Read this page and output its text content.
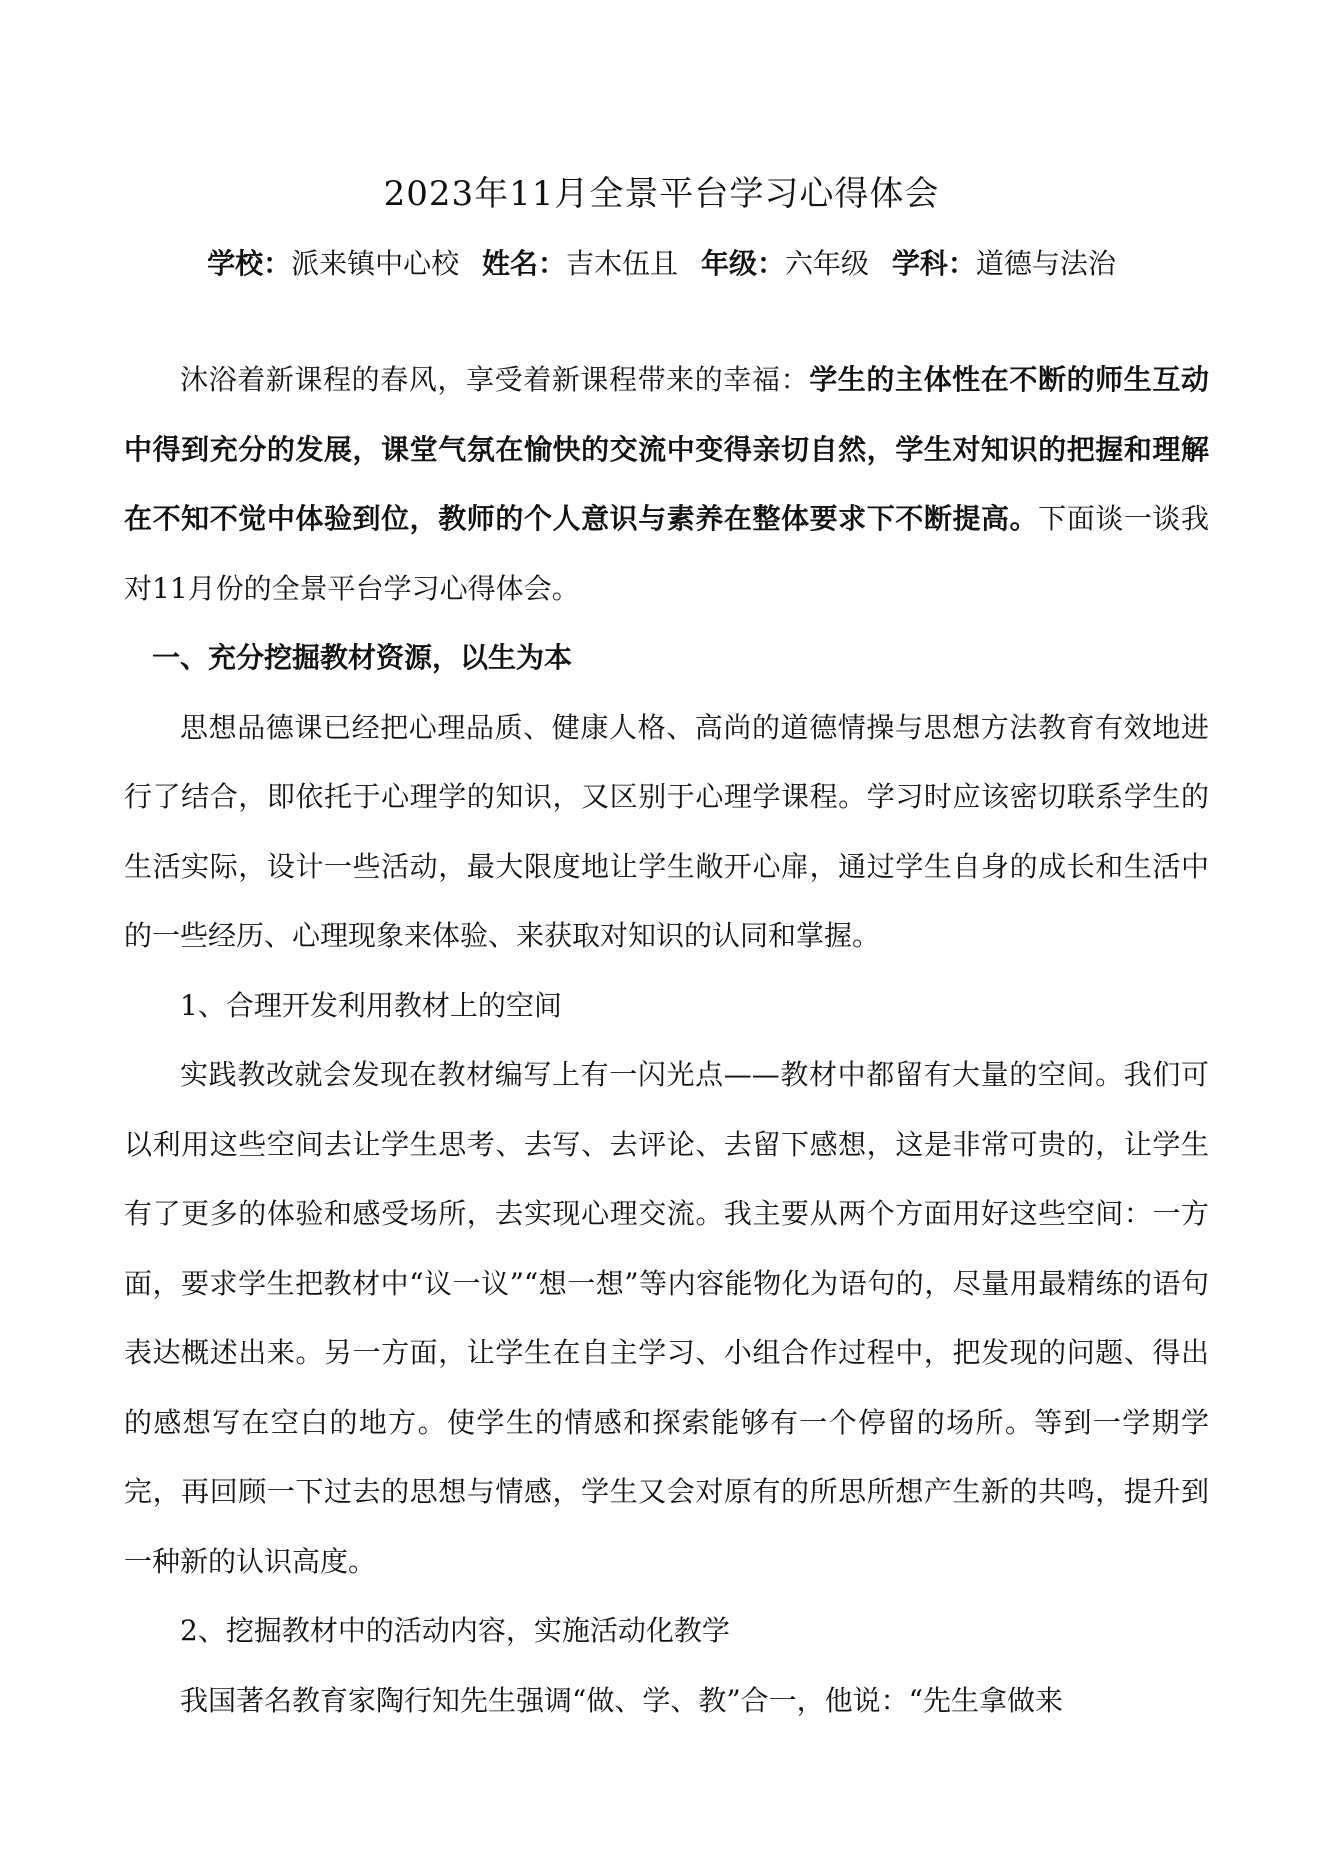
2023年11月全景平台学习心得体会
学校：派来镇中心校 姓名：吉木伍且 年级：六年级 学科：道德与法治

沐浴着新课程的春风，享受着新课程带来的幸福：学生的主体性在不断的师生互动中得到充分的发展，课堂气氛在愉快的交流中变得亲切自然，学生对知识的把握和理解在不知不觉中体验到位，教师的个人意识与素养在整体要求下不断提高。下面谈一谈我对11月份的全景平台学习心得体会。

一、充分挖掘教材资源，以生为本

思想品德课已经把心理品质、健康人格、高尚的道德情操与思想方法教育有效地进行了结合，即依托于心理学的知识，又区别于心理学课程。学习时应该密切联系学生的生活实际，设计一些活动，最大限度地让学生敞开心扉，通过学生自身的成长和生活中的一些经历、心理现象来体验、来获取对知识的认同和掌握。

1、合理开发利用教材上的空间

实践教改就会发现在教材编写上有一闪光点——教材中都留有大量的空间。我们可以利用这些空间去让学生思考、去写、去评论、去留下感想，这是非常可贵的，让学生有了更多的体验和感受场所，去实现心理交流。我主要从两个方面用好这些空间：一方面，要求学生把教材中“议一议”“想一想”等内容能物化为语句的，尽量用最精练的语句表达概述出来。另一方面，让学生在自主学习、小组合作过程中，把发现的问题、得出的感想写在空白的地方。使学生的情感和探索能够有一个停留的场所。等到一学期学完，再回顾一下过去的思想与情感，学生又会对原有的所思所想产生新的共鸣，提升到一种新的认识高度。

2、挖掘教材中的活动内容，实施活动化教学

我国著名教育家陶行知先生强调“做、学、教”合一，他说：“先生拿做来
